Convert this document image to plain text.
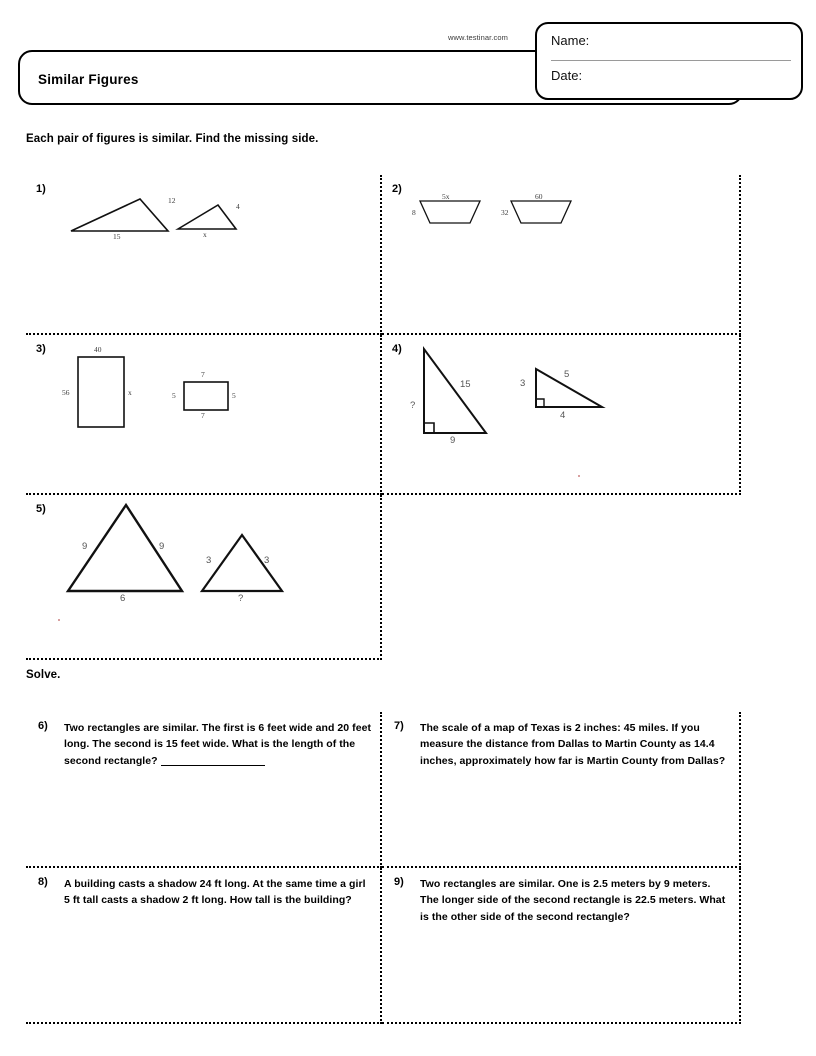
www.testinar.com	Name:
Date:
Similar Figures
Each pair of figures is similar. Find the missing side.
1)
12
15
4
x
2)
5x
8
60
32
3)	40
56	x
7
5	5
7
4)
15
?
9
5
3
4
5)
9	9
6
3	3
?
Solve.
6) Two rectangles are similar. The first is 6 feet wide and 20 feet long. The second is 15 feet wide. What is the length of the second rectangle?
7) The scale of a map of Texas is 2 inches: 45 miles. If you measure the distance from Dallas to Martin County as 14.4 inches, approximately how far is Martin County from Dallas?
8) A building casts a shadow 24 ft long. At the same time a girl 5 ft tall casts a shadow 2 ft long. How tall is the building?
9) Two rectangles are similar. One is 2.5 meters by 9 meters. The longer side of the second rectangle is 22.5 meters. What is the other side of the second rectangle?
